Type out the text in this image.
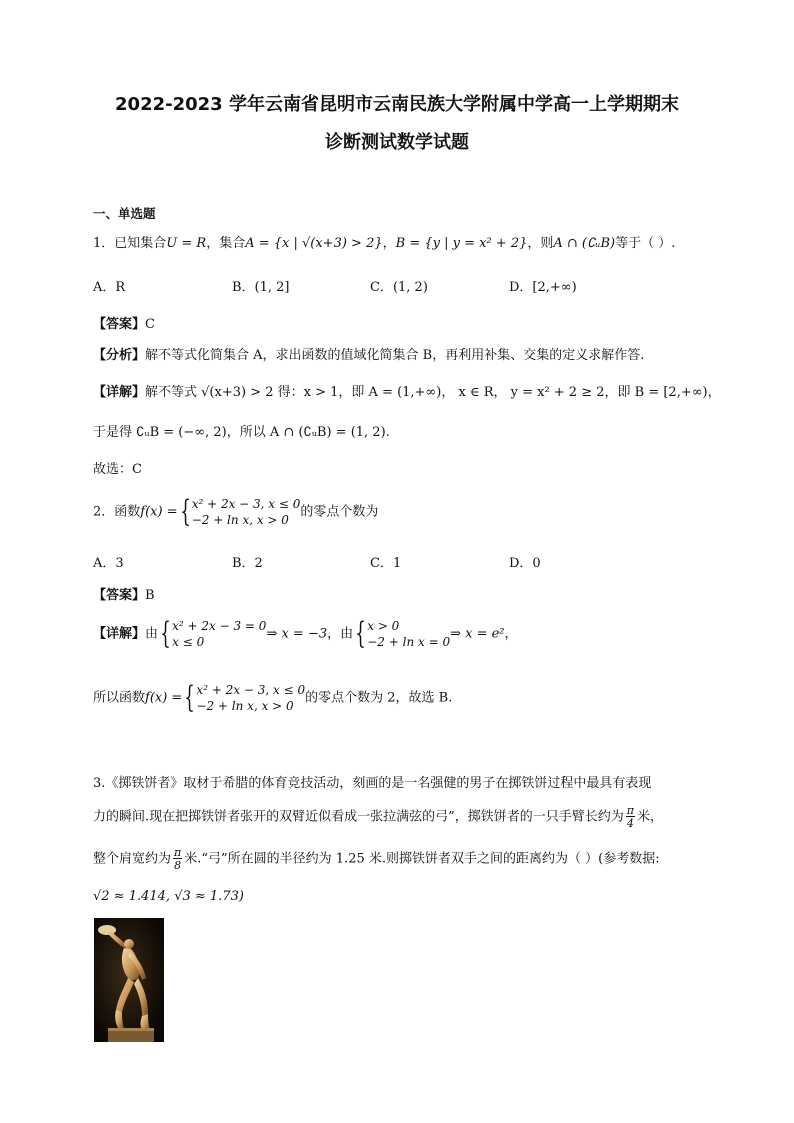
2022-2023 学年云南省昆明市云南民族大学附属中学高一上学期期末
诊断测试数学试题
一、单选题
1．已知集合U = R，集合A = {x | √(x+3) > 2}，B = {y | y = x² + 2}，则A ∩ (∁ᵤB)等于（ ）.
A．R	B．(1, 2]	C．(1, 2)	D．[2,+∞)
【答案】C
【分析】解不等式化简集合 A，求出函数的值域化简集合 B，再利用补集、交集的定义求解作答.
【详解】解不等式 √(x+3) > 2 得：x > 1，即 A = (1,+∞)， x ∈ R， y = x² + 2 ≥ 2，即 B = [2,+∞)，
于是得 ∁ᵤB = (−∞, 2)，所以 A ∩ (∁ᵤB) = (1, 2).
故选：C
2．函数f(x) ={ x² + 2x − 3, x ≤ 0
−2 + ln x, x > 0
的零点个数为
A．3	B．2	C．1	D．0
【答案】B
【详解】由{ x² + 2x − 3 = 0
x ≤ 0
⇒ x = −3，由{ x > 0
−2 + ln x = 0
⇒ x = e²，
所以函数f(x) ={ x² + 2x − 3, x ≤ 0
−2 + ln x, x > 0
的零点个数为 2，故选 B.
3.《掷铁饼者》取材于希腊的体育竞技活动，刻画的是一名强健的男子在掷铁饼过程中最具有表现
力的瞬间.现在把掷铁饼者张开的双臂近似看成一张拉满弦的弓”，掷铁饼者的一只手臂长约为 $\frac{\pi}{4}$ 米，
整个肩宽约为 $\frac{\pi}{8}$ 米.“弓”所在圆的半径约为 1.25 米.则掷铁饼者双手之间的距离约为（ ）(参考数据:
√2 ≈ 1.414, √3 ≈ 1.73)
